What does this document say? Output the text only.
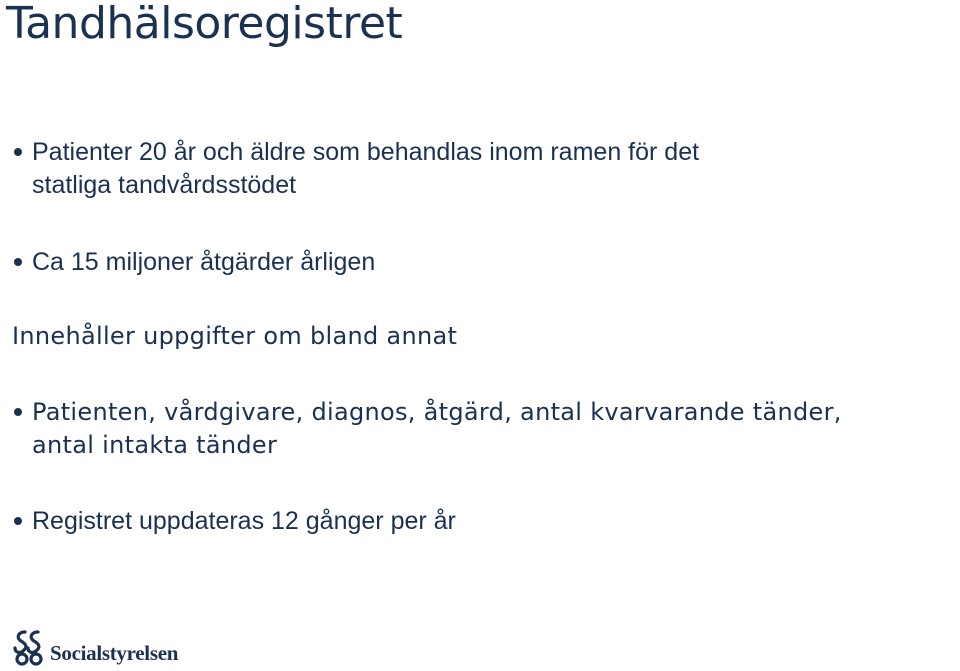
Tandhälsoregistret
Patienter 20 år och äldre som behandlas inom ramen för det
statliga tandvårdsstödet
Ca 15 miljoner åtgärder årligen
Innehåller uppgifter om bland annat
Patienten, vårdgivare, diagnos, åtgärd, antal kvarvarande tänder,
antal intakta tänder
Registret uppdateras 12 gånger per år
Socialstyrelsen
